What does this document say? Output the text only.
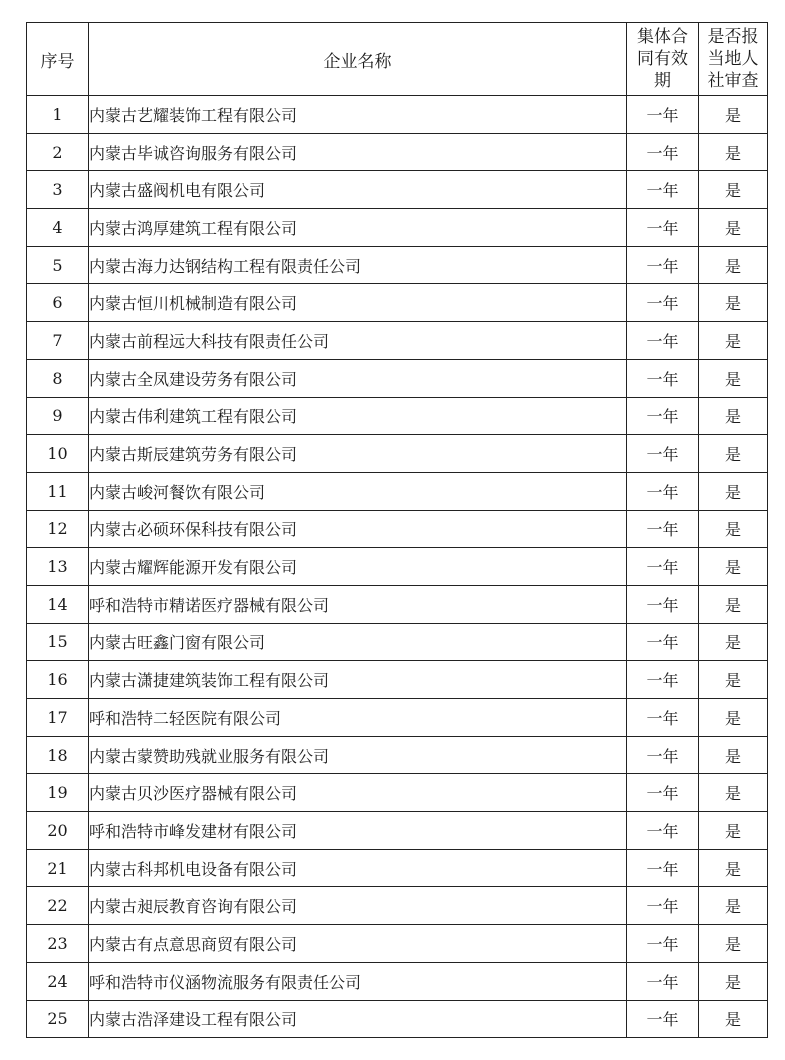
序号	企业名称	集体合同有效期	是否报当地人社审查
1	内蒙古艺耀装饰工程有限公司	一年	是
2	内蒙古毕诚咨询服务有限公司	一年	是
3	内蒙古盛阀机电有限公司	一年	是
4	内蒙古鸿厚建筑工程有限公司	一年	是
5	内蒙古海力达钢结构工程有限责任公司	一年	是
6	内蒙古恒川机械制造有限公司	一年	是
7	内蒙古前程远大科技有限责任公司	一年	是
8	内蒙古全凤建设劳务有限公司	一年	是
9	内蒙古伟利建筑工程有限公司	一年	是
10	内蒙古斯辰建筑劳务有限公司	一年	是
11	内蒙古峻河餐饮有限公司	一年	是
12	内蒙古必硕环保科技有限公司	一年	是
13	内蒙古耀辉能源开发有限公司	一年	是
14	呼和浩特市精诺医疗器械有限公司	一年	是
15	内蒙古旺鑫门窗有限公司	一年	是
16	内蒙古潇捷建筑装饰工程有限公司	一年	是
17	呼和浩特二轻医院有限公司	一年	是
18	内蒙古蒙赞助残就业服务有限公司	一年	是
19	内蒙古贝沙医疗器械有限公司	一年	是
20	呼和浩特市峰发建材有限公司	一年	是
21	内蒙古科邦机电设备有限公司	一年	是
22	内蒙古昶辰教育咨询有限公司	一年	是
23	内蒙古有点意思商贸有限公司	一年	是
24	呼和浩特市仪涵物流服务有限责任公司	一年	是
25	内蒙古浩泽建设工程有限公司	一年	是
